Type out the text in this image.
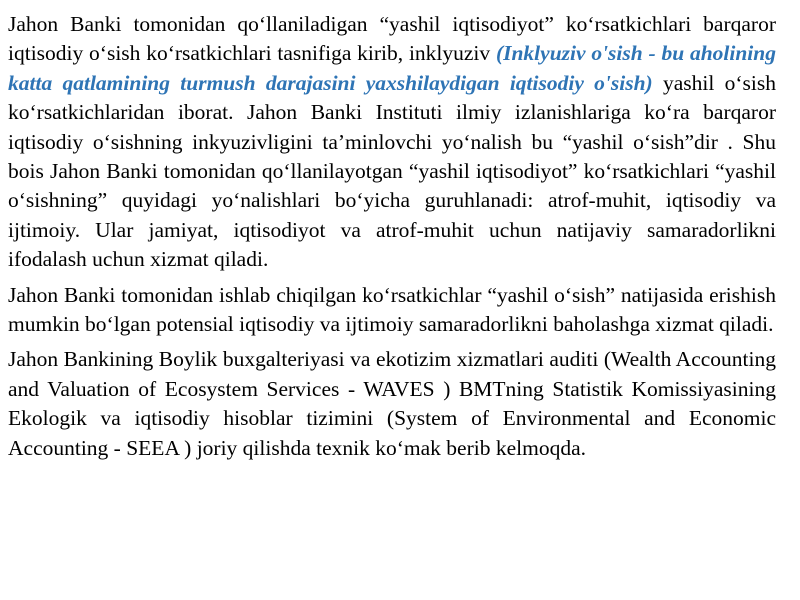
Jahon Banki tomonidan qo‘llaniladigan “yashil iqtisodiyot” ko‘rsatkichlari barqaror iqtisodiy o‘sish ko‘rsatkichlari tasnifiga kirib, inklyuziv (Inklyuziv o'sish - bu aholining katta qatlamining turmush darajasini yaxshilaydigan iqtisodiy o'sish) yashil o‘sish ko‘rsatkichlaridan iborat. Jahon Banki Instituti ilmiy izlanishlariga ko‘ra barqaror iqtisodiy o‘sishning inkyuzivligini ta’minlovchi yo‘nalish bu “yashil o‘sish”dir . Shu bois Jahon Banki tomonidan qo‘llanilayotgan “yashil iqtisodiyot” ko‘rsatkichlari “yashil o‘sishning” quyidagi yo‘nalishlari bo‘yicha guruhlanadi: atrof-muhit, iqtisodiy va ijtimoiy. Ular jamiyat, iqtisodiyot va atrof-muhit uchun natijaviy samaradorlikni ifodalash uchun xizmat qiladi.

Jahon Banki tomonidan ishlab chiqilgan ko‘rsatkichlar “yashil o‘sish” natijasida erishish mumkin bo‘lgan potensial iqtisodiy va ijtimoiy samaradorlikni baholashga xizmat qiladi.

Jahon Bankining Boylik buxgalteriyasi va ekotizim xizmatlari auditi (Wealth Accounting and Valuation of Ecosystem Services - WAVES ) BMTning Statistik Komissiyasining Ekologik va iqtisodiy hisoblar tizimini (System of Environmental and Economic Accounting - SEEA ) joriy qilishda texnik ko‘mak berib kelmoqda.
